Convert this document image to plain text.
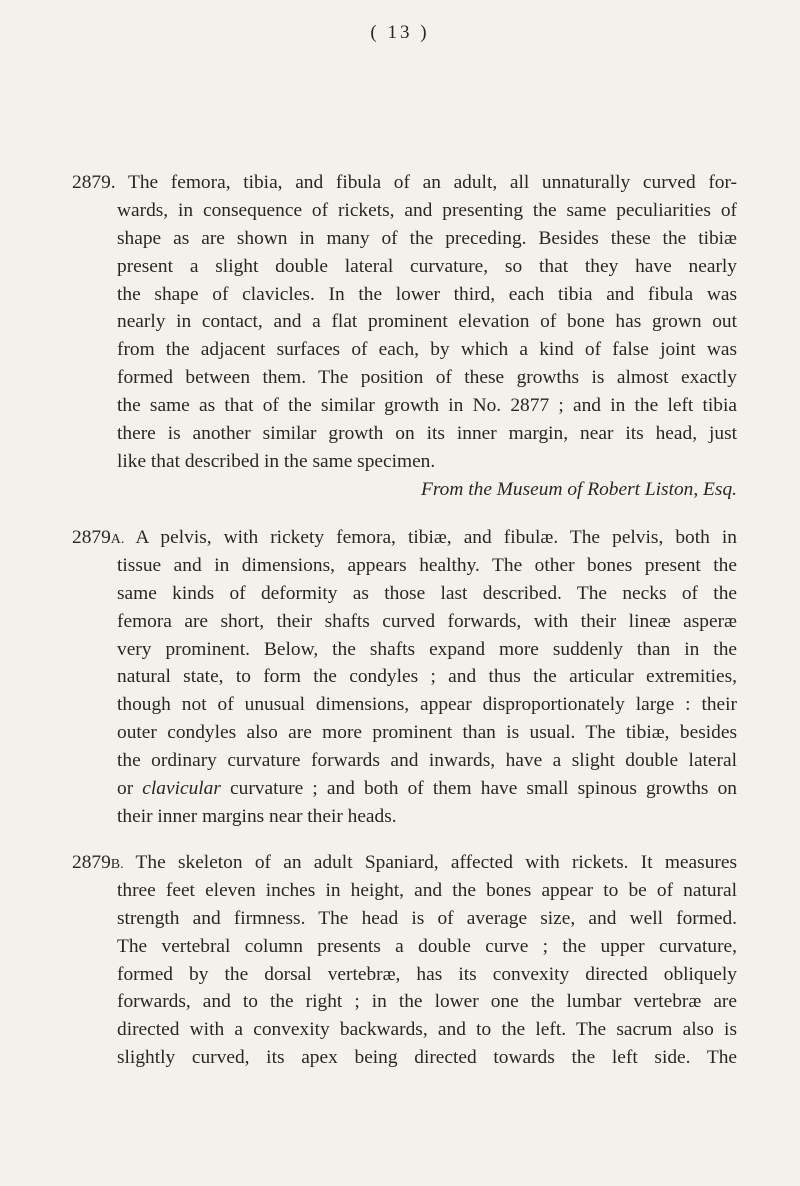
( 13 )
2879. The femora, tibia, and fibula of an adult, all unnaturally curved for-
wards, in consequence of rickets, and presenting the same peculiarities of
shape as are shown in many of the preceding. Besides these the tibiæ
present a slight double lateral curvature, so that they have nearly
the shape of clavicles. In the lower third, each tibia and fibula was
nearly in contact, and a flat prominent elevation of bone has grown out
from the adjacent surfaces of each, by which a kind of false joint was
formed between them. The position of these growths is almost exactly
the same as that of the similar growth in No. 2877 ; and in the left tibia
there is another similar growth on its inner margin, near its head, just
like that described in the same specimen.
From the Museum of Robert Liston, Esq.
2879A. A pelvis, with rickety femora, tibiæ, and fibulæ. The pelvis, both in
tissue and in dimensions, appears healthy. The other bones present the
same kinds of deformity as those last described. The necks of the
femora are short, their shafts curved forwards, with their lineæ asperæ
very prominent. Below, the shafts expand more suddenly than in the
natural state, to form the condyles ; and thus the articular extremities,
though not of unusual dimensions, appear disproportionately large : their
outer condyles also are more prominent than is usual. The tibiæ, besides
the ordinary curvature forwards and inwards, have a slight double lateral
or clavicular curvature ; and both of them have small spinous growths on
their inner margins near their heads.
2879B. The skeleton of an adult Spaniard, affected with rickets. It measures
three feet eleven inches in height, and the bones appear to be of natural
strength and firmness. The head is of average size, and well formed.
The vertebral column presents a double curve ; the upper curvature,
formed by the dorsal vertebræ, has its convexity directed obliquely
forwards, and to the right ; in the lower one the lumbar vertebræ are
directed with a convexity backwards, and to the left. The sacrum also is
slightly curved, its apex being directed towards the left side. The
